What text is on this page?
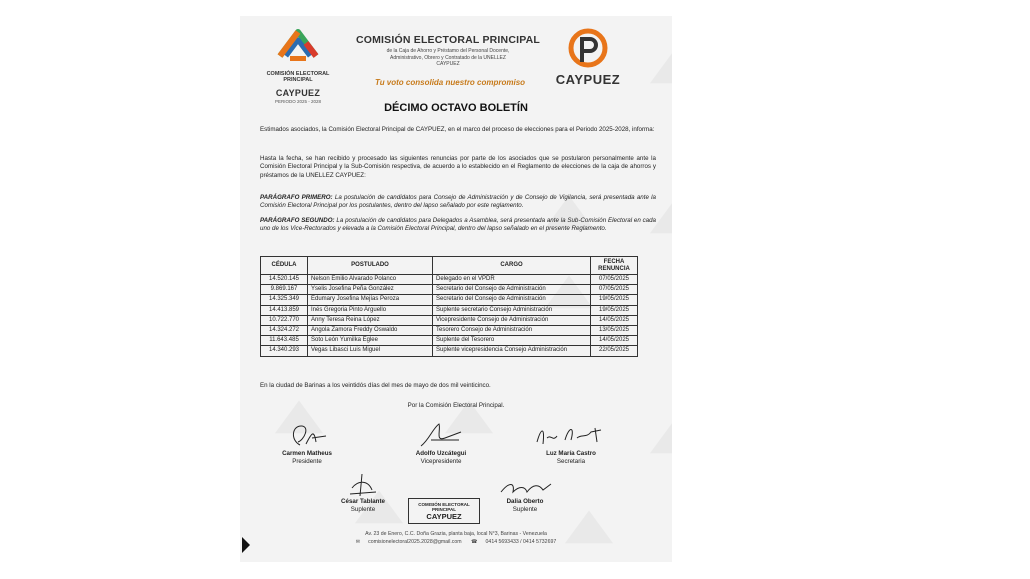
COMISIÓN ELECTORAL
PRINCIPAL
CAYPUEZ
PERIODO 2025 - 2028
COMISIÓN ELECTORAL PRINCIPAL
de la Caja de Ahorro y Préstamo del Personal Docente,
Administrativo, Obrero y Contratado de la UNELLEZ
CAYPUEZ
Tu voto consolida nuestro compromiso	CAYPUEZ
DÉCIMO OCTAVO BOLETÍN
Estimados asociados, la Comisión Electoral Principal de CAYPUEZ, en el marco del proceso de elecciones para el Periodo 2025-2028, informa:
Hasta la fecha, se han recibido y procesado las siguientes renuncias por parte de los asociados que se postularon personalmente ante la Comisión Electoral Principal y la Sub-Comisión respectiva, de acuerdo a lo establecido en el Reglamento de elecciones de la caja de ahorros y préstamos de la UNELLEZ CAYPUEZ:
PARÁGRAFO PRIMERO: La postulación de candidatos para Consejo de Administración y de Consejo de Vigilancia, será presentada ante la Comisión Electoral Principal por los postulantes, dentro del lapso señalado por este reglamento.
PARÁGRAFO SEGUNDO: La postulación de candidatos para Delegados a Asamblea, será presentada ante la Sub-Comisión Electoral en cada uno de los Vice-Rectorados y elevada a la Comisión Electoral Principal, dentro del lapso señalado en el presente Reglamento.
CÉDULA	POSTULADO	CARGO	FECHA RENUNCIA
14.520.145	Nelson Emilio Alvarado Polanco	Delegado en el VPDR	07/05/2025
9.869.167	Yselis Josefina Peña González	Secretario del Consejo de Administración	07/05/2025
14.325.349	Edumary Josefina Mejías Peroza	Secretario del Consejo de Administración	19/05/2025
14.413.859	Inés Gregoria Pinto Arguello	Suplente secretario Consejo Administración	19/05/2025
10.722.770	Anny Teresa Reina López	Vicepresidente Consejo de Administración	14/05/2025
14.324.272	Angola Zamora Freddy Oswaldo	Tesorero Consejo de Administración	13/05/2025
11.643.485	Soto León Yumilka Eglee	Suplente del Tesorero	14/05/2025
14.340.293	Vegas Libasci Luis Miguel	Suplente vicepresidencia Consejo Administración	22/05/2025
En la ciudad de Barinas a los veintidós días del mes de mayo de dos mil veinticinco.
Por la Comisión Electoral Principal.
Carmen Matheus
Presidente
Adolfo Uzcátegui
Vicepresidente
Luz María Castro
Secretaria
César Tablante
Suplente
Dalia Oberto
Suplente
COMISIÓN ELECTORAL PRINCIPAL
CAYPUEZ
Av. 23 de Enero, C.C. Doña Grazia, planta baja, local N°3, Barinas - Venezuela
✉ comisionelectoral2025.2028@gmail.com ☎ 0414 5693433 / 0414 5732697
